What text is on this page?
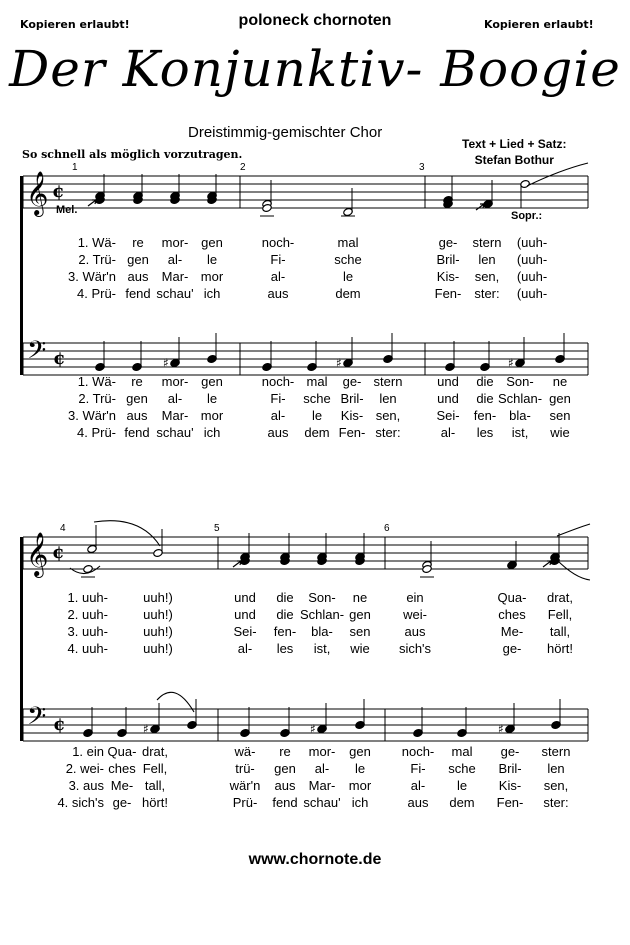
Kopieren erlaubt!	poloneck chornoten	Kopieren erlaubt!
Der Konjunktiv- Boogie
Dreistimmig-gemischter Chor
Text + Lied + Satz:
Stefan Bothur
So schnell als möglich vorzutragen.
www.chornote.de
𝄞 ¢
𝄢 ¢
𝄞 ¢
𝄢 ¢
♯	♯	♯
♯	♯	♯
1	2	3
4	5	6
Mel.	Sopr.:
1. Wä- re mor- gen	noch-	mal	ge- stern (uuh-
2. Trü- gen al- le	Fi-	sche	Bril- len (uuh-
3. Wär'n aus Mar- mor	al-	le	Kis- sen, (uuh-
4. Prü- fend schau' ich	aus	dem	Fen- ster: (uuh-
1. Wä- re mor- gen	noch- mal ge- stern	und die Son- ne
2. Trü- gen al- le	Fi- sche Bril- len	und die Schlan- gen
3. Wär'n aus Mar- mor	al- le Kis- sen,	Sei- fen- bla- sen
4. Prü- fend schau' ich	aus dem Fen- ster:	al- les ist, wie
1. uuh-	uuh!)	und die Son- ne	ein	Qua- drat,
2. uuh-	uuh!)	und die Schlan- gen wei-	ches Fell,
3. uuh-	uuh!)	Sei- fen- bla- sen	aus	Me- tall,
4. uuh-	uuh!)	al- les ist, wie sich's	ge- hört!
1. ein Qua- drat,	wä- re mor- gen noch- mal ge- stern
2. wei- ches Fell,	trü- gen al- le	Fi- sche Bril- len
3. aus Me- tall,	wär'n aus Mar- mor	al- le Kis- sen,
4. sich's ge- hört!	Prü- fend schau' ich	aus dem Fen- ster:
